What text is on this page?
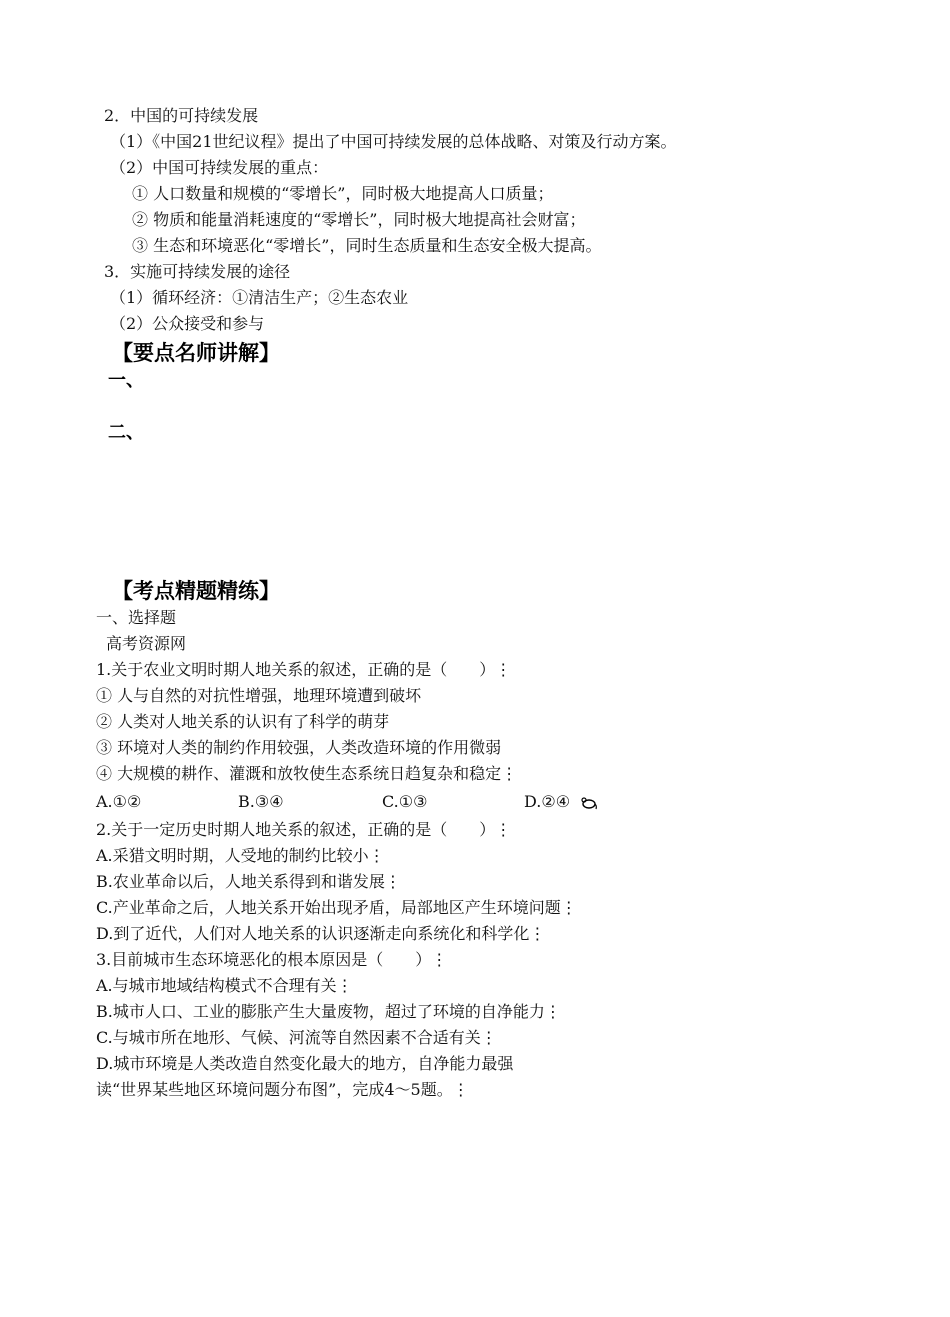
2．中国的可持续发展
（1）《中国21世纪议程》提出了中国可持续发展的总体战略、对策及行动方案。
（2）中国可持续发展的重点：
① 人口数量和规模的“零增长”，同时极大地提高人口质量；
② 物质和能量消耗速度的“零增长”，同时极大地提高社会财富；
③ 生态和环境恶化“零增长”，同时生态质量和生态安全极大提高。
3．实施可持续发展的途径
（1）循环经济：①清洁生产；②生态农业
（2）公众接受和参与
【要点名师讲解】
一、
二、
【考点精题精练】
一、选择题
高考资源网
1.关于农业文明时期人地关系的叙述，正确的是（　　）⋮
① 人与自然的对抗性增强，地理环境遭到破坏
② 人类对人地关系的认识有了科学的萌芽
③ 环境对人类的制约作用较强，人类改造环境的作用微弱
④ 大规模的耕作、灌溉和放牧使生态系统日趋复杂和稳定⋮
A.①②	B.③④	C.①③	D.②④
2.关于一定历史时期人地关系的叙述，正确的是（　　）⋮
A.采猎文明时期，人受地的制约比较小⋮
B.农业革命以后，人地关系得到和谐发展⋮
C.产业革命之后，人地关系开始出现矛盾，局部地区产生环境问题⋮
D.到了近代，人们对人地关系的认识逐渐走向系统化和科学化⋮
3.目前城市生态环境恶化的根本原因是（　　）⋮
A.与城市地域结构模式不合理有关⋮
B.城市人口、工业的膨胀产生大量废物，超过了环境的自净能力⋮
C.与城市所在地形、气候、河流等自然因素不合适有关⋮
D.城市环境是人类改造自然变化最大的地方，自净能力最强
读“世界某些地区环境问题分布图”，完成4～5题。⋮
